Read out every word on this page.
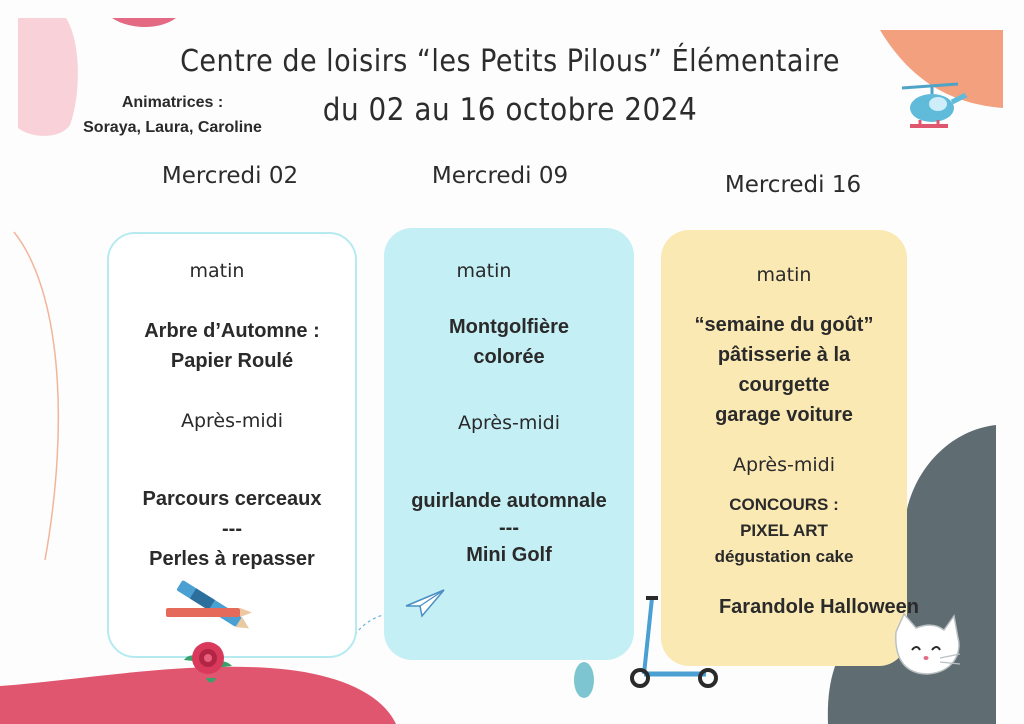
Centre de loisirs “les Petits Pilous” Élémentaire
du 02 au 16 octobre 2024
Animatrices :
Soraya, Laura, Caroline
Mercredi 02	Mercredi 09	Mercredi 16
matin
Arbre d’Automne :
Papier Roulé
Après-midi
Parcours cerceaux
---
Perles à repasser
matin
Montgolfière
colorée
Après-midi
guirlande automnale
---
Mini Golf
matin
“semaine du goût”
pâtisserie à la
courgette
garage voiture
Après-midi
CONCOURS :
PIXEL ART
dégustation cake
Farandole Halloween
